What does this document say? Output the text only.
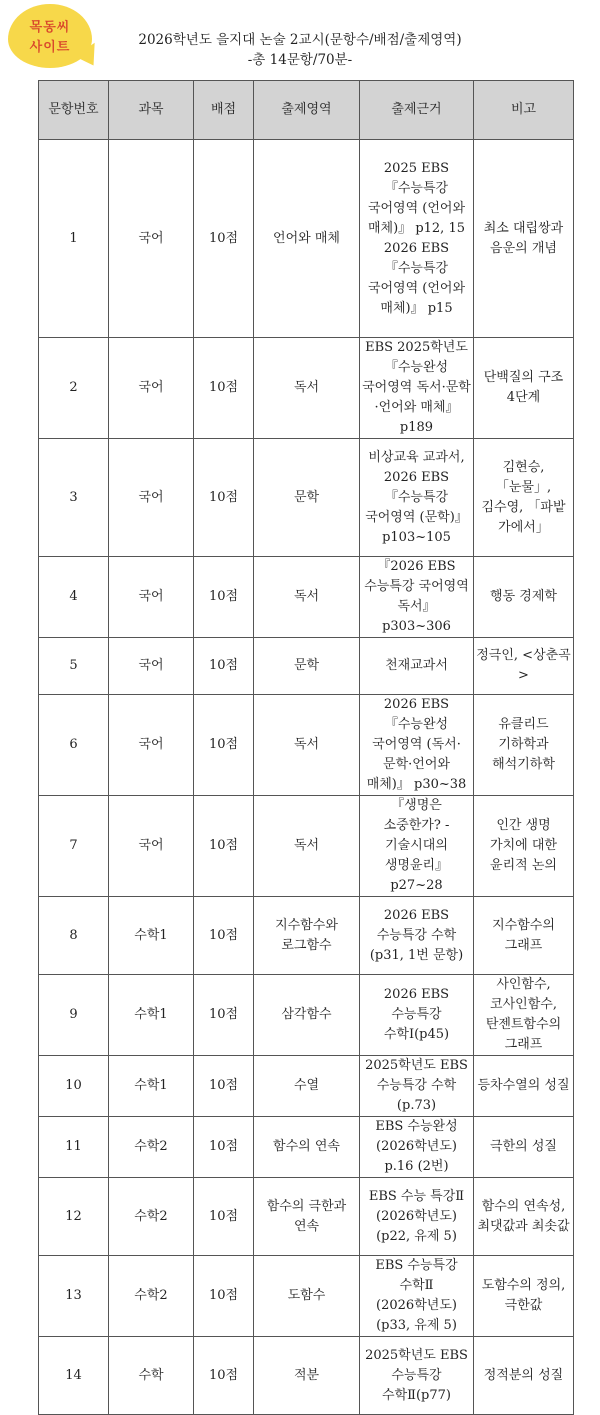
목동씨
사이트	2026학년도 을지대 논술 2교시(문항수/배점/출제영역)
-총 14문항/70분-
문항번호	과목	배점	출제영역	출제근거	비고
1	국어	10점	언어와 매체	2025 EBS 『수능특강 국어영역 (언어와 매체)』 p12, 15 2026 EBS 『수능특강 국어영역 (언어와 매체)』 p15	최소 대립쌍과 음운의 개념
2	국어	10점	독서	EBS 2025학년도 『수능완성 국어영역 독서·문학·언어와 매체』 p189	단백질의 구조 4단계
3	국어	10점	문학	비상교육 교과서, 2026 EBS 『수능특강 국어영역 (문학)』 p103~105	김현승, 「눈물」, 김수영, 「파밭 가에서」
4	국어	10점	독서	『2026 EBS 수능특강 국어영역 독서』 p303~306	행동 경제학
5	국어	10점	문학	천재교과서	정극인, <상춘곡>
6	국어	10점	독서	2026 EBS 『수능완성 국어영역 (독서·문학·언어와 매체)』 p30~38	유클리드 기하학과 해석기하학
7	국어	10점	독서	『생명은 소중한가? - 기술시대의 생명윤리』 p27~28	인간 생명 가치에 대한 윤리적 논의
8	수학1	10점	지수함수와 로그함수	2026 EBS 수능특강 수학(p31, 1번 문항)	지수함수의 그래프
9	수학1	10점	삼각함수	2026 EBS 수능특강 수학Ⅰ(p45)	사인함수, 코사인함수, 탄젠트함수의 그래프
10	수학1	10점	수열	2025학년도 EBS 수능특강 수학(p.73)	등차수열의 성질
11	수학2	10점	함수의 연속	EBS 수능완성(2026학년도) p.16 (2번)	극한의 성질
12	수학2	10점	함수의 극한과 연속	EBS 수능 특강Ⅱ (2026학년도) (p22, 유제 5)	함수의 연속성, 최댓값과 최솟값
13	수학2	10점	도함수	EBS 수능특강 수학Ⅱ (2026학년도) (p33, 유제 5)	도함수의 정의, 극한값
14	수학	10점	적분	2025학년도 EBS 수능특강 수학Ⅱ(p77)	정적분의 성질
